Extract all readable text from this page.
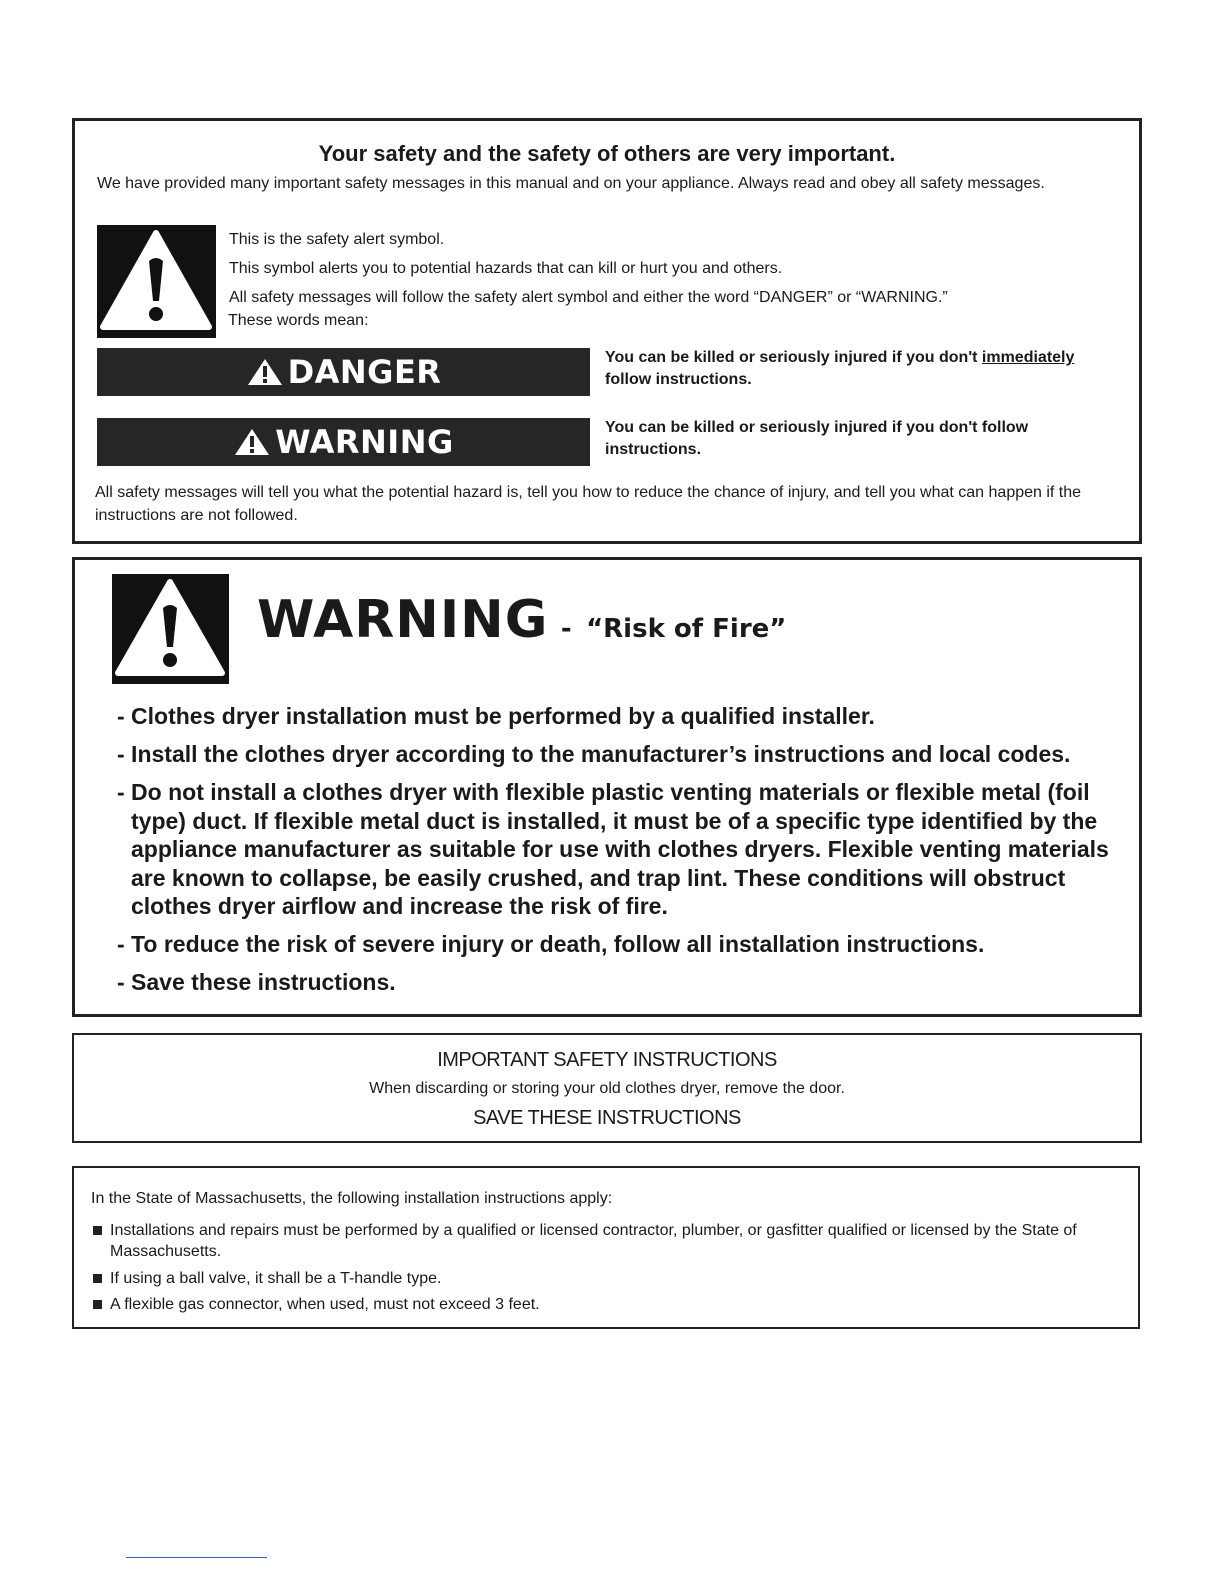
Your safety and the safety of others are very important.
We have provided many important safety messages in this manual and on your appliance. Always read and obey all safety messages.
This is the safety alert symbol.
This symbol alerts you to potential hazards that can kill or hurt you and others.
All safety messages will follow the safety alert symbol and either the word “DANGER” or “WARNING.”
These words mean:
DANGER	You can be killed or seriously injured if you don't immediately
follow instructions.
WARNING	You can be killed or seriously injured if you don't follow instructions.
All safety messages will tell you what the potential hazard is, tell you how to reduce the chance of injury, and tell you what can happen if the instructions are not followed.
WARNING - “Risk of Fire”
- Clothes dryer installation must be performed by a qualified installer.
- Install the clothes dryer according to the manufacturer’s instructions and local codes.
- Do not install a clothes dryer with flexible plastic venting materials or flexible metal (foil type) duct. If flexible metal duct is installed, it must be of a specific type identified by the appliance manufacturer as suitable for use with clothes dryers. Flexible venting materials are known to collapse, be easily crushed, and trap lint. These conditions will obstruct clothes dryer airflow and increase the risk of fire.
- To reduce the risk of severe injury or death, follow all installation instructions.
- Save these instructions.
IMPORTANT SAFETY INSTRUCTIONS
When discarding or storing your old clothes dryer, remove the door.
SAVE THESE INSTRUCTIONS
In the State of Massachusetts, the following installation instructions apply:
Installations and repairs must be performed by a qualified or licensed contractor, plumber, or gasfitter qualified or licensed by the State of Massachusetts.
If using a ball valve, it shall be a T-handle type.
A flexible gas connector, when used, must not exceed 3 feet.
